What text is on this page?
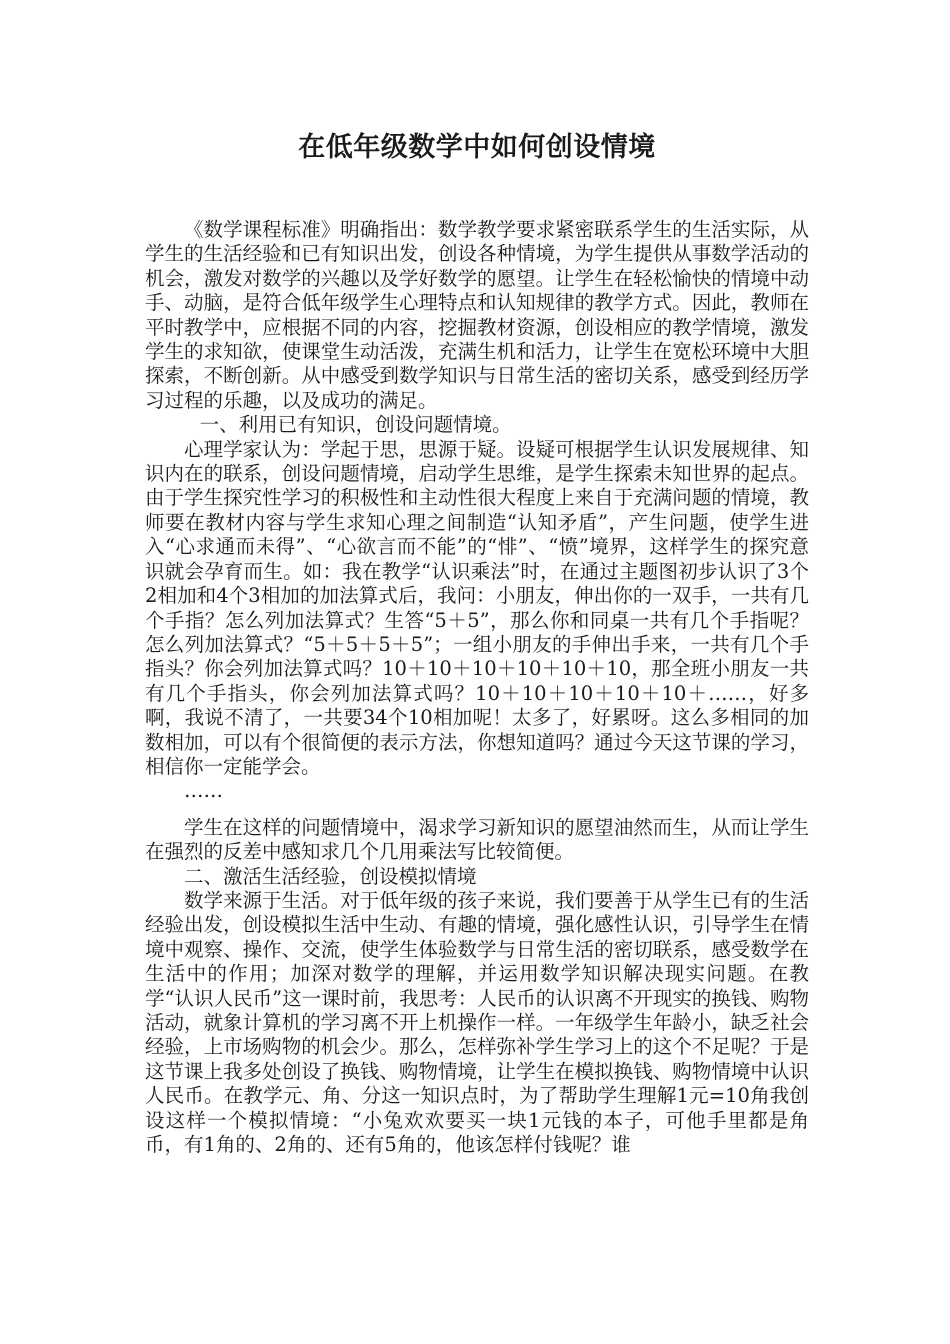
在低年级数学中如何创设情境

《数学课程标准》明确指出：数学教学要求紧密联系学生的生活实际，从学生的生活经验和已有知识出发，创设各种情境，为学生提供从事数学活动的机会，激发对数学的兴趣以及学好数学的愿望。让学生在轻松愉快的情境中动手、动脑，是符合低年级学生心理特点和认知规律的教学方式。因此，教师在平时教学中，应根据不同的内容，挖掘教材资源，创设相应的教学情境，激发学生的求知欲，使课堂生动活泼，充满生机和活力，让学生在宽松环境中大胆探索，不断创新。从中感受到数学知识与日常生活的密切关系，感受到经历学习过程的乐趣，以及成功的满足。

一、利用已有知识，创设问题情境。

心理学家认为：学起于思，思源于疑。设疑可根据学生认识发展规律、知识内在的联系，创设问题情境，启动学生思维，是学生探索未知世界的起点。由于学生探究性学习的积极性和主动性很大程度上来自于充满问题的情境，教师要在教材内容与学生求知心理之间制造“认知矛盾”，产生问题，使学生进入“心求通而未得”、“心欲言而不能”的“悱”、“愤”境界，这样学生的探究意识就会孕育而生。如：我在教学“认识乘法”时，在通过主题图初步认识了3个2相加和4个3相加的加法算式后，我问：小朋友，伸出你的一双手，一共有几个手指？怎么列加法算式？生答“5＋5”，那么你和同桌一共有几个手指呢？怎么列加法算式？“5＋5＋5＋5”；一组小朋友的手伸出手来，一共有几个手指头？你会列加法算式吗？10＋10＋10＋10＋10＋10，那全班小朋友一共有几个手指头，你会列加法算式吗？10＋10＋10＋10＋10＋……，好多啊，我说不清了，一共要34个10相加呢！太多了，好累呀。这么多相同的加数相加，可以有个很简便的表示方法，你想知道吗？通过今天这节课的学习，相信你一定能学会。

……

学生在这样的问题情境中，渴求学习新知识的愿望油然而生，从而让学生在强烈的反差中感知求几个几用乘法写比较简便。

二、激活生活经验，创设模拟情境

数学来源于生活。对于低年级的孩子来说，我们要善于从学生已有的生活经验出发，创设模拟生活中生动、有趣的情境，强化感性认识，引导学生在情境中观察、操作、交流，使学生体验数学与日常生活的密切联系，感受数学在生活中的作用；加深对数学的理解，并运用数学知识解决现实问题。在教学“认识人民币”这一课时前，我思考：人民币的认识离不开现实的换钱、购物活动，就象计算机的学习离不开上机操作一样。一年级学生年龄小，缺乏社会经验，上市场购物的机会少。那么，怎样弥补学生学习上的这个不足呢？于是这节课上我多处创设了换钱、购物情境，让学生在模拟换钱、购物情境中认识人民币。在教学元、角、分这一知识点时，为了帮助学生理解1元=10角我创设这样一个模拟情境：“小兔欢欢要买一块1元钱的本子，可他手里都是角币，有1角的、2角的、还有5角的，他该怎样付钱呢？谁
